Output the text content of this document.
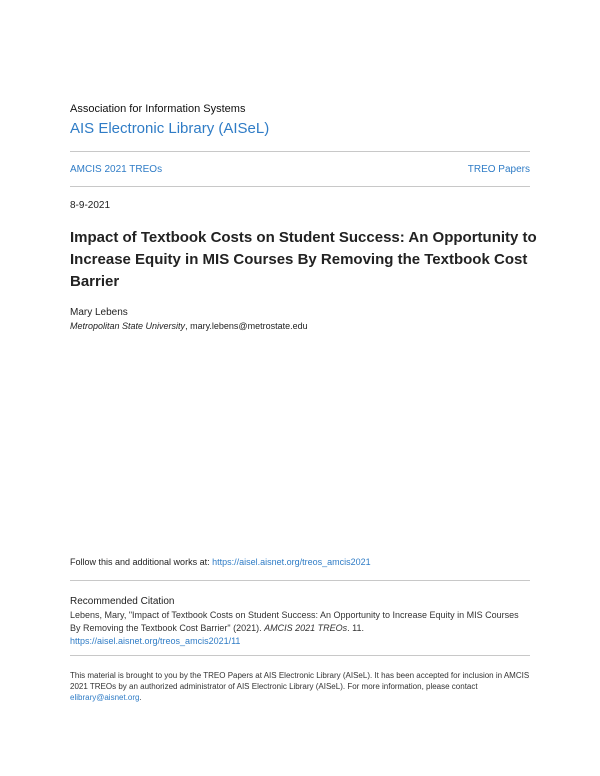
Association for Information Systems
AIS Electronic Library (AISeL)
AMCIS 2021 TREOs	TREO Papers
8-9-2021
Impact of Textbook Costs on Student Success: An Opportunity to Increase Equity in MIS Courses By Removing the Textbook Cost Barrier
Mary Lebens
Metropolitan State University, mary.lebens@metrostate.edu
Follow this and additional works at: https://aisel.aisnet.org/treos_amcis2021
Recommended Citation
Lebens, Mary, "Impact of Textbook Costs on Student Success: An Opportunity to Increase Equity in MIS Courses By Removing the Textbook Cost Barrier" (2021). AMCIS 2021 TREOs. 11.
https://aisel.aisnet.org/treos_amcis2021/11
This material is brought to you by the TREO Papers at AIS Electronic Library (AISeL). It has been accepted for inclusion in AMCIS 2021 TREOs by an authorized administrator of AIS Electronic Library (AISeL). For more information, please contact elibrary@aisnet.org.
